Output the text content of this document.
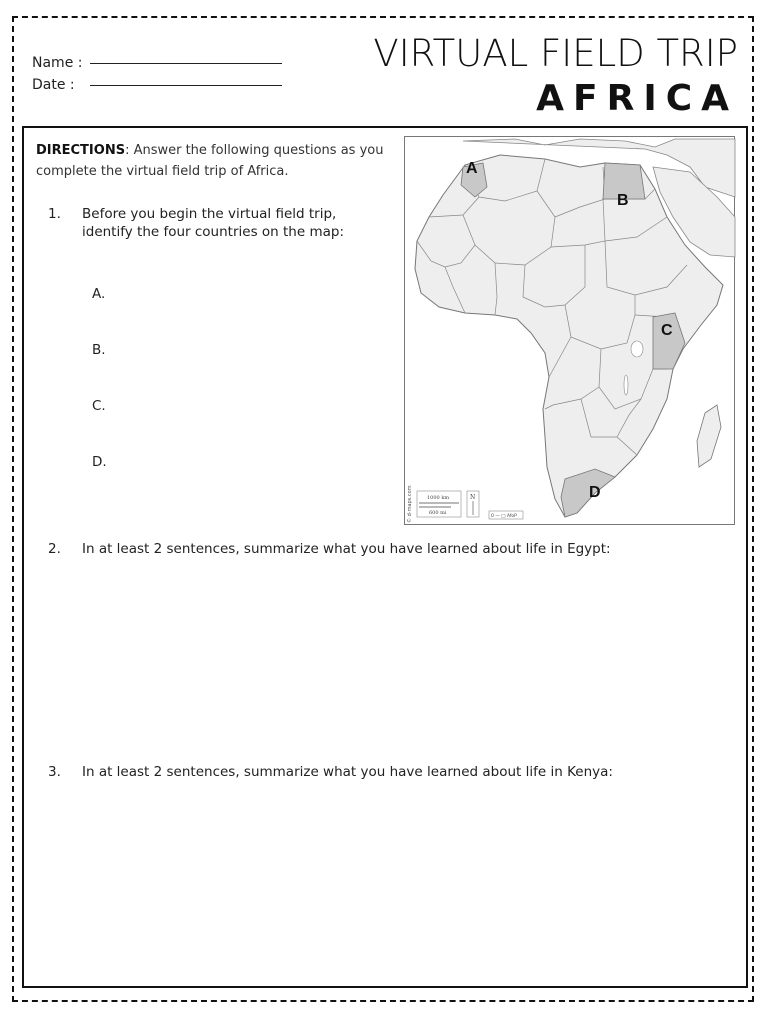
Name :
Date :
VIRTUAL FIELD TRIP
AFRICA
DIRECTIONS: Answer the following questions as you complete the virtual field trip of Africa.
1. Before you begin the virtual field trip,
identify the four countries on the map:
A.
B.
C.
D.
A
B
C
D
© d-maps.com	1000 km
600 mi
N
0 — □ AfoP
2. In at least 2 sentences, summarize what you have learned about life in Egypt:
3. In at least 2 sentences, summarize what you have learned about life in Kenya:
